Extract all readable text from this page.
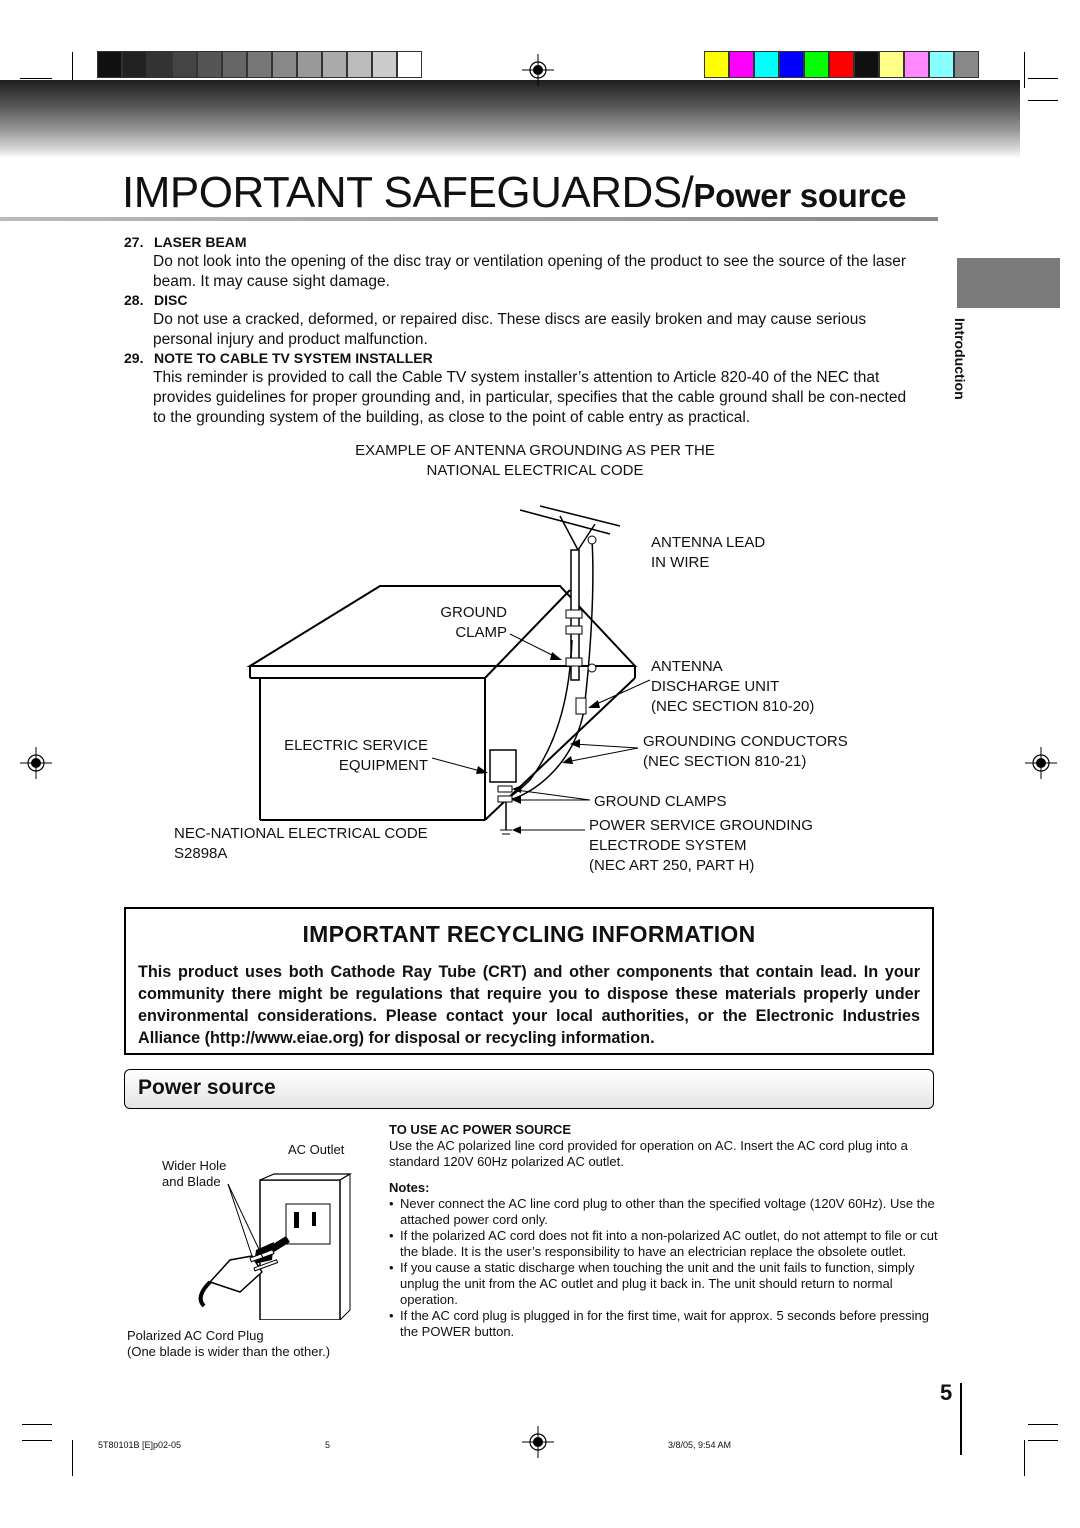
IMPORTANT SAFEGUARDS/Power source
Introduction
27. LASER BEAM
Do not look into the opening of the disc tray or ventilation opening of the product to see the source of the laser beam. It may cause sight damage.
28. DISC
Do not use a cracked, deformed, or repaired disc. These discs are easily broken and may cause serious personal injury and product malfunction.
29. NOTE TO CABLE TV SYSTEM INSTALLER
This reminder is provided to call the Cable TV system installer’s attention to Article 820-40 of the NEC that provides guidelines for proper grounding and, in particular, specifies that the cable ground shall be con-nected to the grounding system of the building, as close to the point of cable entry as practical.
EXAMPLE OF ANTENNA GROUNDING AS PER THE
NATIONAL ELECTRICAL CODE
ANTENNA LEAD
IN WIRE
GROUND
CLAMP
ANTENNA
DISCHARGE UNIT
(NEC SECTION 810-20)
ELECTRIC SERVICE
EQUIPMENT
GROUNDING CONDUCTORS
(NEC SECTION 810-21)
GROUND CLAMPS
NEC-NATIONAL ELECTRICAL CODE
S2898A
POWER SERVICE GROUNDING
ELECTRODE SYSTEM
(NEC ART 250, PART H)
IMPORTANT RECYCLING INFORMATION
This product uses both Cathode Ray Tube (CRT) and other components that contain lead. In your community there might be regulations that require you to dispose these materials properly under environmental considerations. Please contact your local authorities, or the Electronic Industries Alliance (http://www.eiae.org) for disposal or recycling information.
Power source
AC Outlet
Wider Hole
and Blade
Polarized AC Cord Plug
(One blade is wider than the other.)
TO USE AC POWER SOURCE
Use the AC polarized line cord provided for operation on AC. Insert the AC cord plug into a standard 120V 60Hz polarized AC outlet.
Notes:
• Never connect the AC line cord plug to other than the specified voltage (120V 60Hz). Use the attached power cord only.
• If the polarized AC cord does not fit into a non-polarized AC outlet, do not attempt to file or cut the blade. It is the user’s responsibility to have an electrician replace the obsolete outlet.
• If you cause a static discharge when touching the unit and the unit fails to function, simply unplug the unit from the AC outlet and plug it back in. The unit should return to normal operation.
• If the AC cord plug is plugged in for the first time, wait for approx. 5 seconds before pressing the POWER button.
5
5T80101B [E]p02-05	5	3/8/05, 9:54 AM
